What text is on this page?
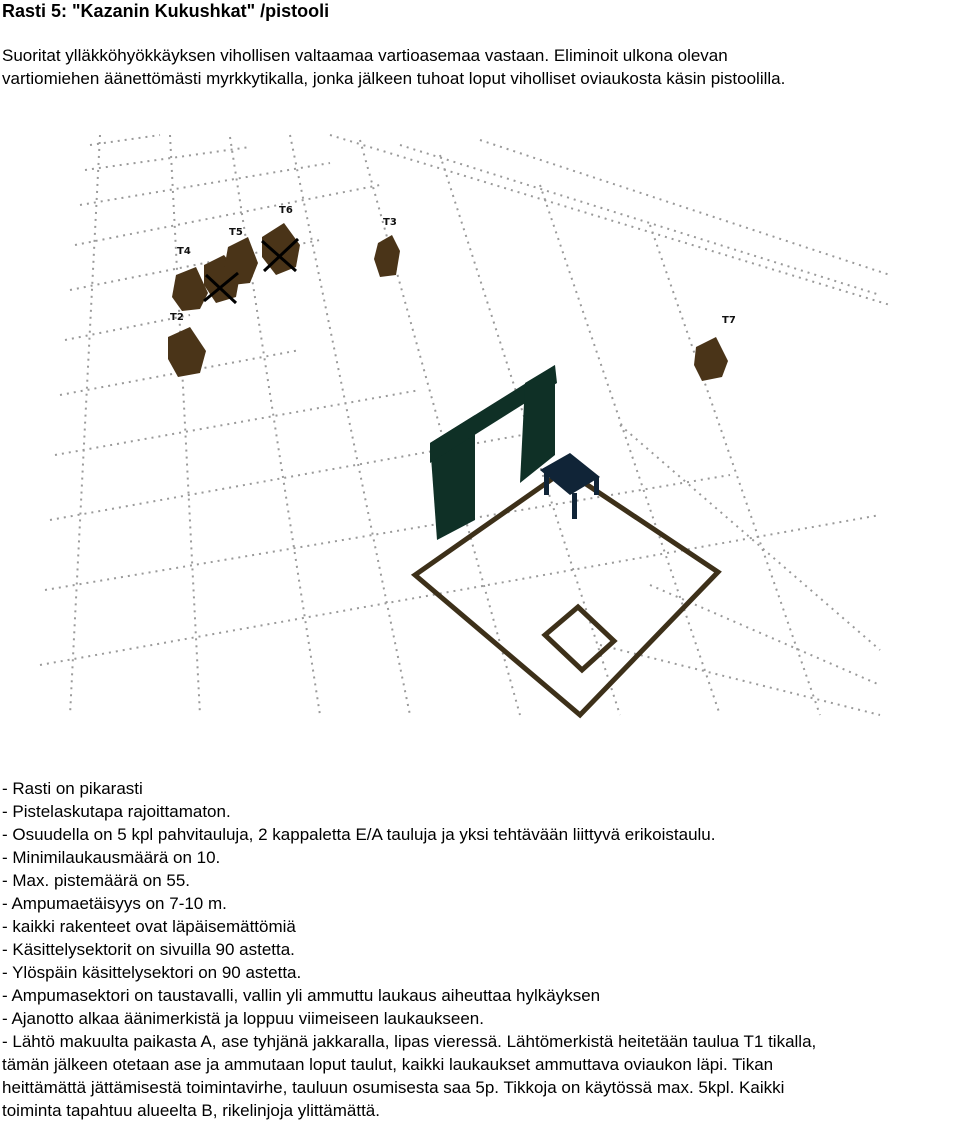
Rasti 5: "Kazanin Kukushkat" /pistooli
Suoritat ylläkköhyökkäyksen vihollisen valtaamaa vartioasemaa vastaan. Eliminoit ulkona olevan
vartiomiehen äänettömästi myrkkytikalla, jonka jälkeen tuhoat loput viholliset oviaukosta käsin pistoolilla.
T4
T5
T6
T3
T2	T7
- Rasti on pikarasti
- Pistelaskutapa rajoittamaton.
- Osuudella on 5 kpl pahvitauluja, 2 kappaletta E/A tauluja ja yksi tehtävään liittyvä erikoistaulu.
- Minimilaukausmäärä on 10.
- Max. pistemäärä on 55.
- Ampumaetäisyys on 7-10 m.
- kaikki rakenteet ovat läpäisemättömiä
- Käsittelysektorit on sivuilla 90 astetta.
- Ylöspäin käsittelysektori on 90 astetta.
- Ampumasektori on taustavalli, vallin yli ammuttu laukaus aiheuttaa hylkäyksen
- Ajanotto alkaa äänimerkistä ja loppuu viimeiseen laukaukseen.
- Lähtö makuulta paikasta A, ase tyhjänä jakkaralla, lipas vieressä. Lähtömerkistä heitetään taulua T1 tikalla,
tämän jälkeen otetaan ase ja ammutaan loput taulut, kaikki laukaukset ammuttava oviaukon läpi. Tikan
heittämättä jättämisestä toimintavirhe, tauluun osumisesta saa 5p. Tikkoja on käytössä max. 5kpl. Kaikki
toiminta tapahtuu alueelta B, rikelinjoja ylittämättä.
